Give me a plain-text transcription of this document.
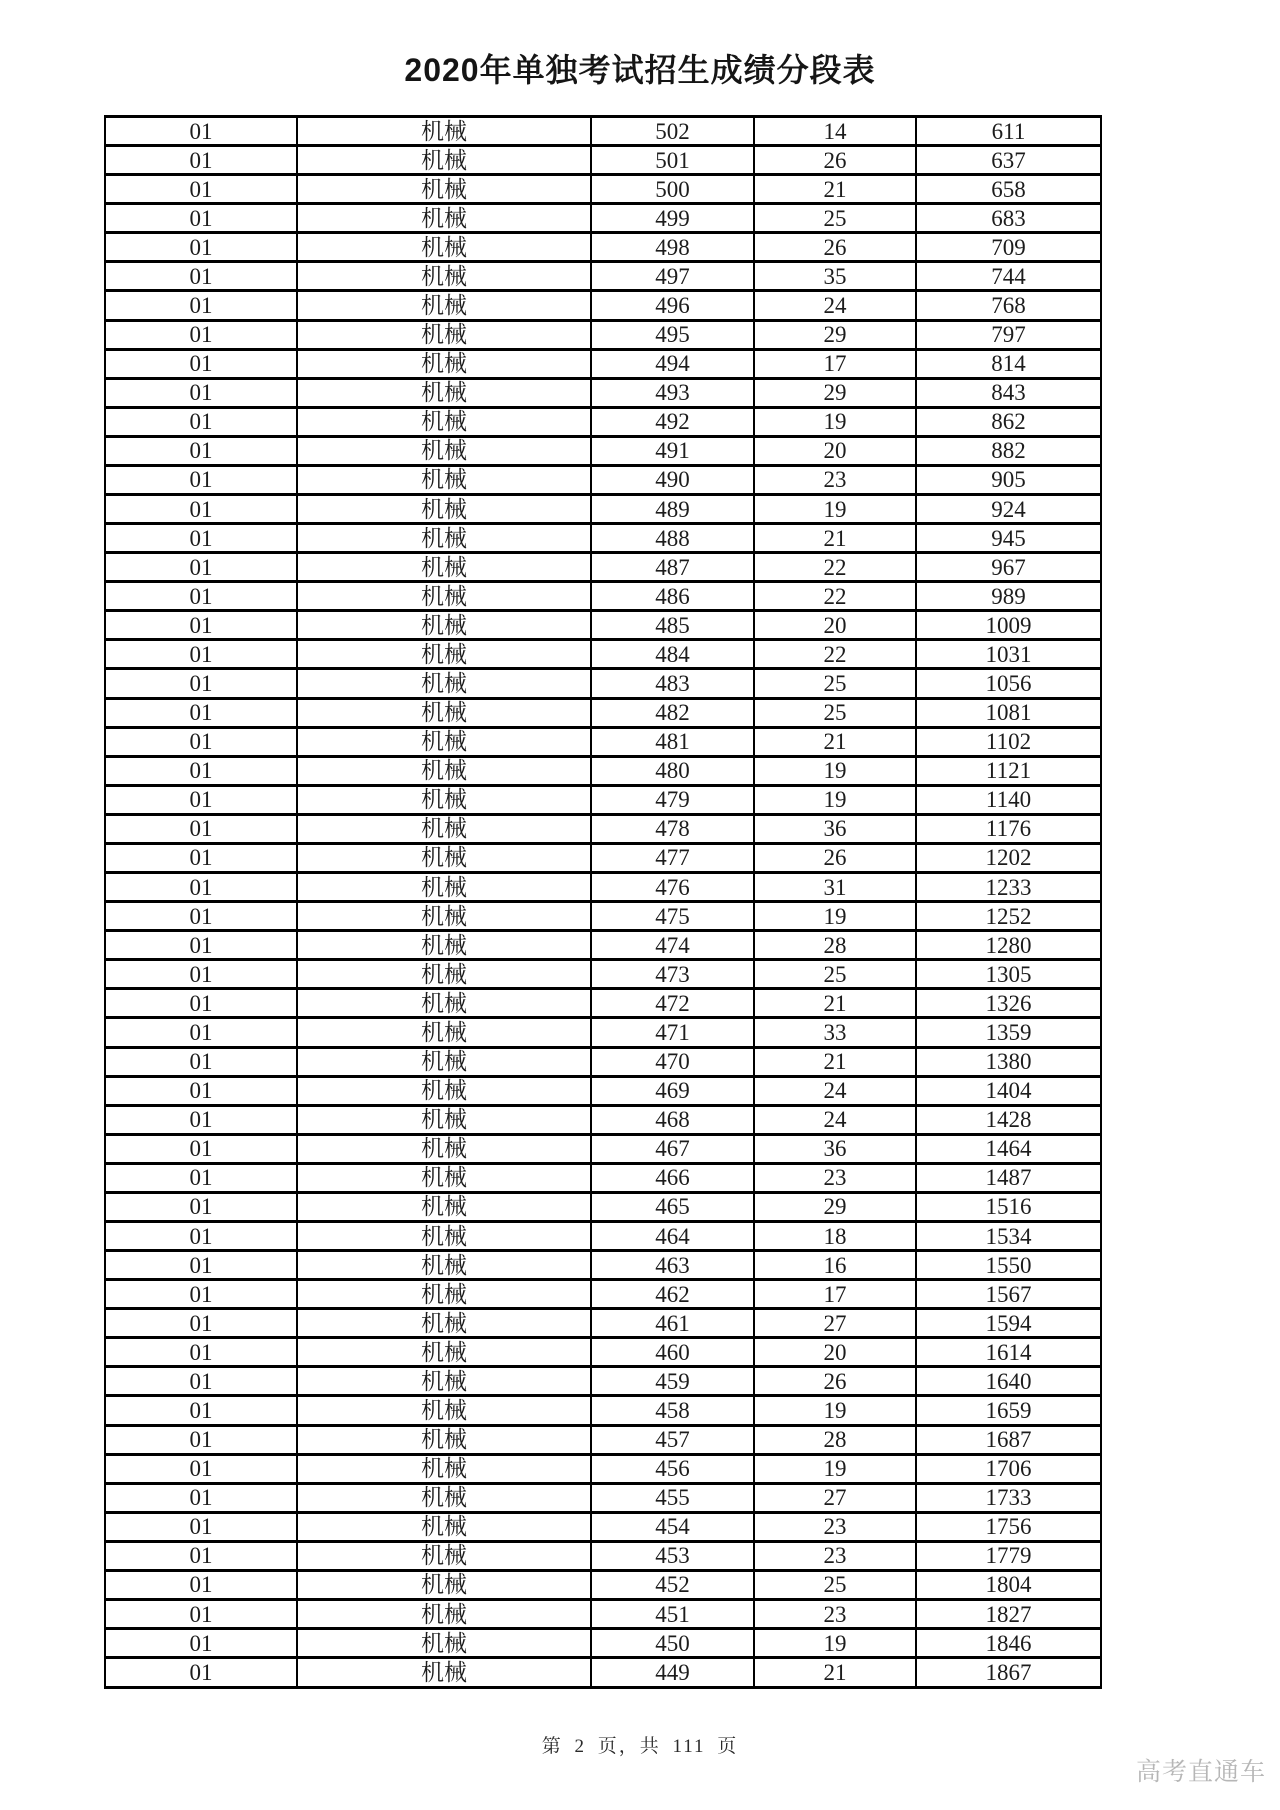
2020年单独考试招生成绩分段表
01	机械	502	14	611
01	机械	501	26	637
01	机械	500	21	658
01	机械	499	25	683
01	机械	498	26	709
01	机械	497	35	744
01	机械	496	24	768
01	机械	495	29	797
01	机械	494	17	814
01	机械	493	29	843
01	机械	492	19	862
01	机械	491	20	882
01	机械	490	23	905
01	机械	489	19	924
01	机械	488	21	945
01	机械	487	22	967
01	机械	486	22	989
01	机械	485	20	1009
01	机械	484	22	1031
01	机械	483	25	1056
01	机械	482	25	1081
01	机械	481	21	1102
01	机械	480	19	1121
01	机械	479	19	1140
01	机械	478	36	1176
01	机械	477	26	1202
01	机械	476	31	1233
01	机械	475	19	1252
01	机械	474	28	1280
01	机械	473	25	1305
01	机械	472	21	1326
01	机械	471	33	1359
01	机械	470	21	1380
01	机械	469	24	1404
01	机械	468	24	1428
01	机械	467	36	1464
01	机械	466	23	1487
01	机械	465	29	1516
01	机械	464	18	1534
01	机械	463	16	1550
01	机械	462	17	1567
01	机械	461	27	1594
01	机械	460	20	1614
01	机械	459	26	1640
01	机械	458	19	1659
01	机械	457	28	1687
01	机械	456	19	1706
01	机械	455	27	1733
01	机械	454	23	1756
01	机械	453	23	1779
01	机械	452	25	1804
01	机械	451	23	1827
01	机械	450	19	1846
01	机械	449	21	1867
第 2 页，共 111 页
高考直通车
